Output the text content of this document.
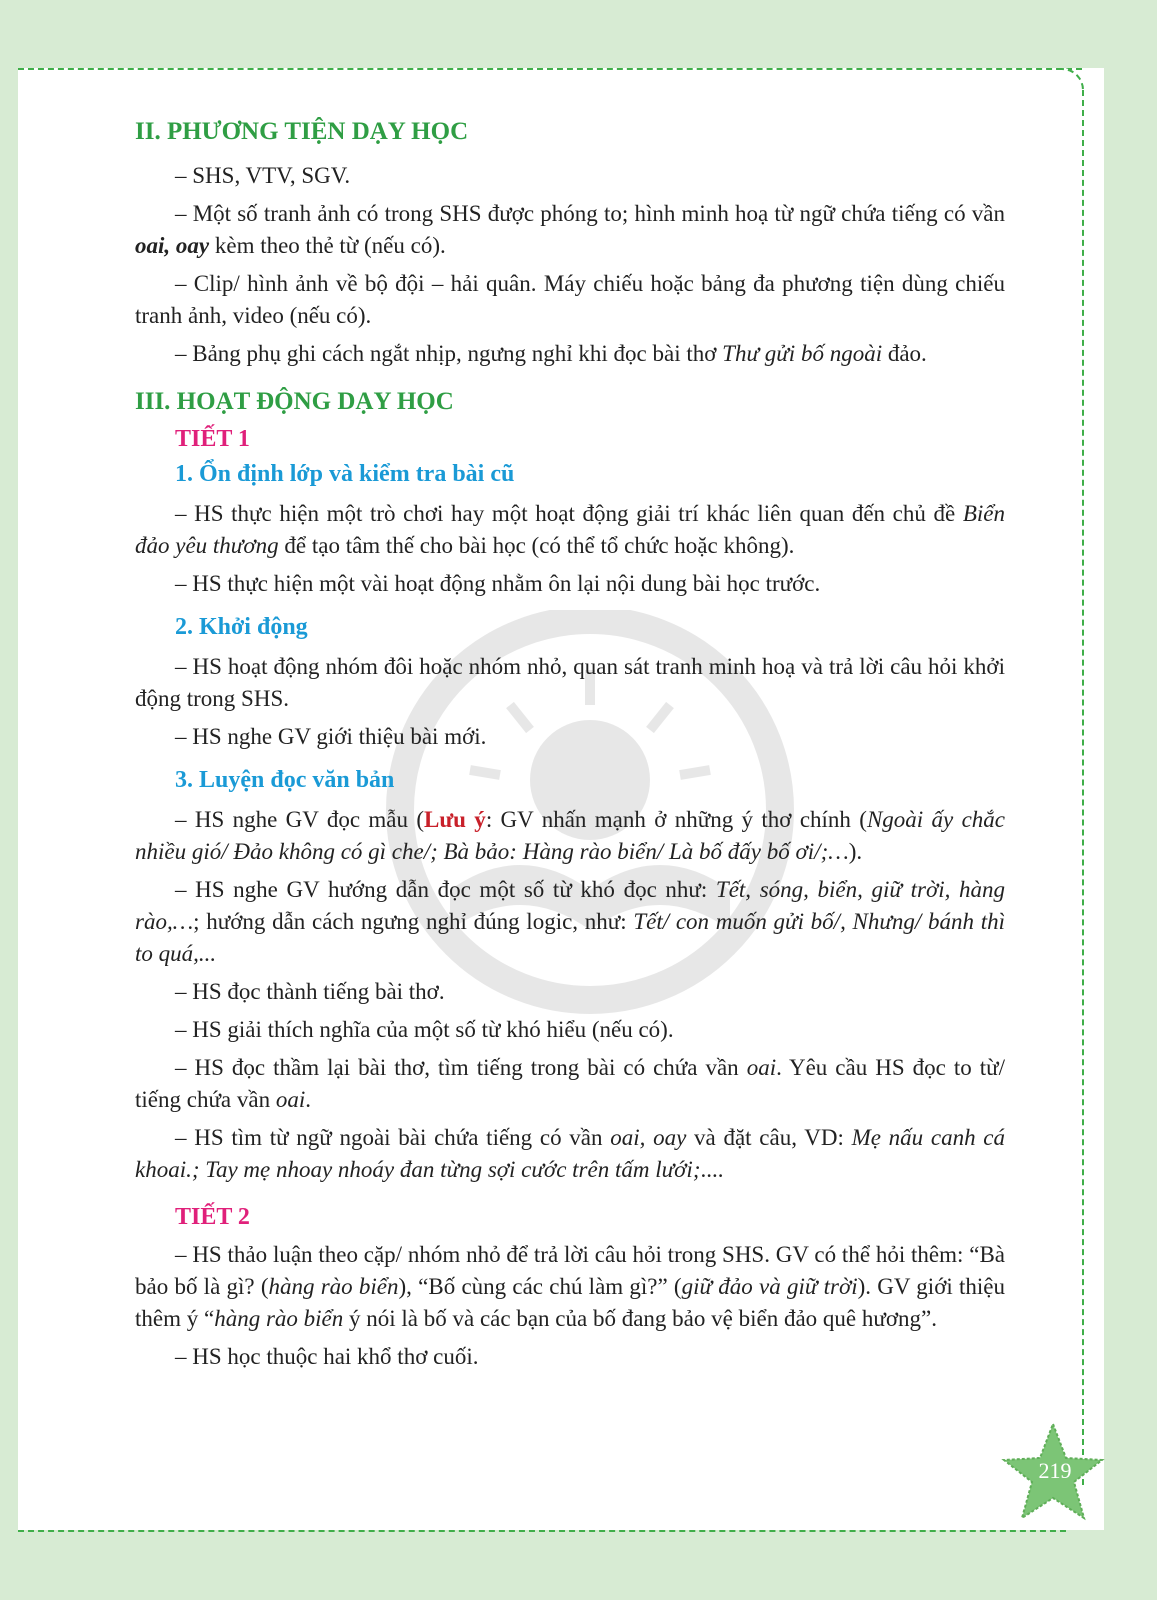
II. PHƯƠNG TIỆN DẠY HỌC

– SHS, VTV, SGV.

– Một số tranh ảnh có trong SHS được phóng to; hình minh hoạ từ ngữ chứa tiếng có vần oai, oay kèm theo thẻ từ (nếu có).

– Clip/ hình ảnh về bộ đội – hải quân. Máy chiếu hoặc bảng đa phương tiện dùng chiếu tranh ảnh, video (nếu có).

– Bảng phụ ghi cách ngắt nhịp, ngưng nghỉ khi đọc bài thơ Thư gửi bố ngoài đảo.

III. HOẠT ĐỘNG DẠY HỌC
TIẾT 1
1. Ổn định lớp và kiểm tra bài cũ

– HS thực hiện một trò chơi hay một hoạt động giải trí khác liên quan đến chủ đề Biển đảo yêu thương để tạo tâm thế cho bài học (có thể tổ chức hoặc không).

– HS thực hiện một vài hoạt động nhằm ôn lại nội dung bài học trước.

2. Khởi động

– HS hoạt động nhóm đôi hoặc nhóm nhỏ, quan sát tranh minh hoạ và trả lời câu hỏi khởi động trong SHS.

– HS nghe GV giới thiệu bài mới.

3. Luyện đọc văn bản

– HS nghe GV đọc mẫu (Lưu ý: GV nhấn mạnh ở những ý thơ chính (Ngoài ấy chắc nhiều gió/ Đảo không có gì che/; Bà bảo: Hàng rào biển/ Là bố đấy bố ơi/;…).

– HS nghe GV hướng dẫn đọc một số từ khó đọc như: Tết, sóng, biển, giữ trời, hàng rào,…; hướng dẫn cách ngưng nghỉ đúng logic, như: Tết/ con muốn gửi bố/, Nhưng/ bánh thì to quá,...

– HS đọc thành tiếng bài thơ.

– HS giải thích nghĩa của một số từ khó hiểu (nếu có).

– HS đọc thầm lại bài thơ, tìm tiếng trong bài có chứa vần oai. Yêu cầu HS đọc to từ/ tiếng chứa vần oai.

– HS tìm từ ngữ ngoài bài chứa tiếng có vần oai, oay và đặt câu, VD: Mẹ nấu canh cá khoai.; Tay mẹ nhoay nhoáy đan từng sợi cước trên tấm lưới;....

TIẾT 2

– HS thảo luận theo cặp/ nhóm nhỏ để trả lời câu hỏi trong SHS. GV có thể hỏi thêm: “Bà bảo bố là gì? (hàng rào biển), “Bố cùng các chú làm gì?” (giữ đảo và giữ trời). GV giới thiệu thêm ý “hàng rào biển ý nói là bố và các bạn của bố đang bảo vệ biển đảo quê hương”.

– HS học thuộc hai khổ thơ cuối.

219
